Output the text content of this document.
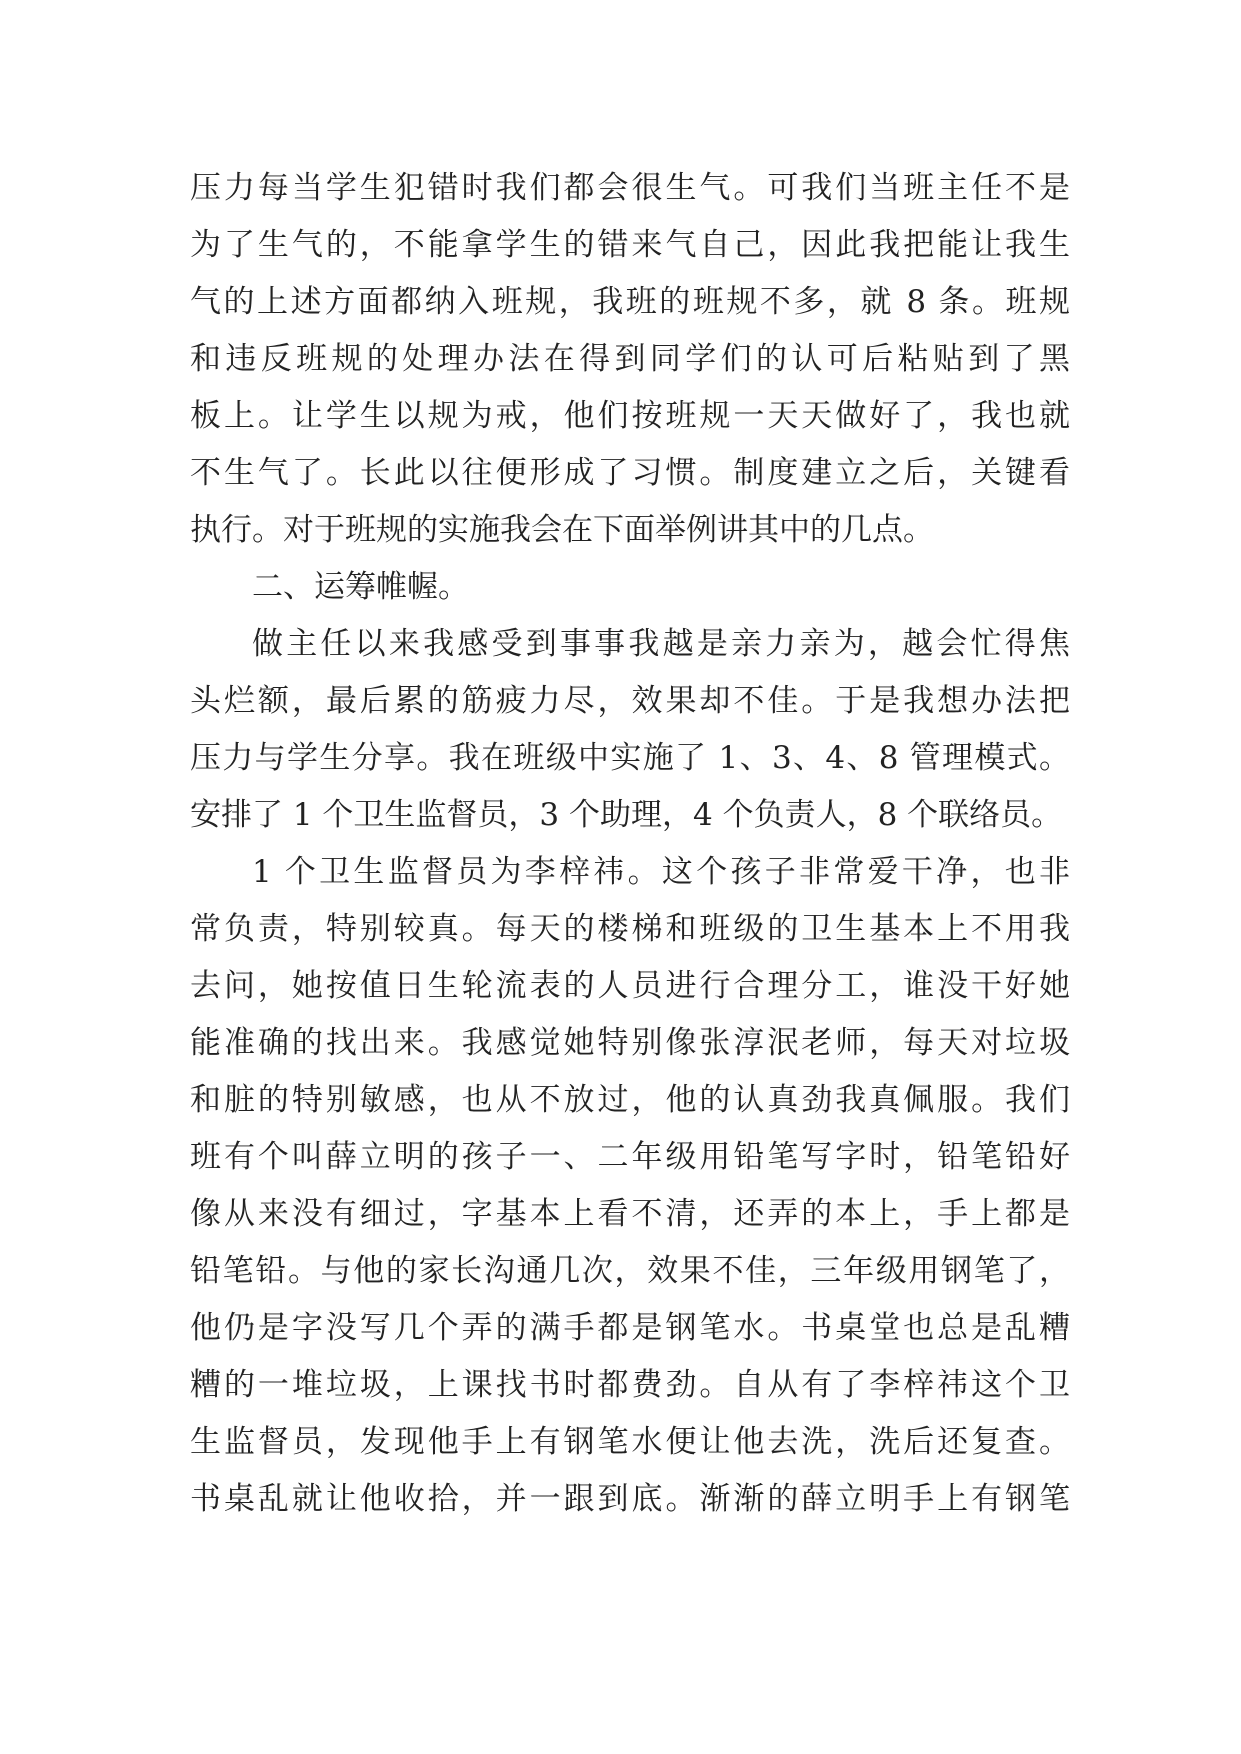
压力每当学生犯错时我们都会很生气。可我们当班主任不是
为了生气的，不能拿学生的错来气自己，因此我把能让我生
气的上述方面都纳入班规，我班的班规不多，就 8 条。班规
和违反班规的处理办法在得到同学们的认可后粘贴到了黑
板上。让学生以规为戒，他们按班规一天天做好了，我也就
不生气了。长此以往便形成了习惯。制度建立之后，关键看
执行。对于班规的实施我会在下面举例讲其中的几点。
二、运筹帷幄。
做主任以来我感受到事事我越是亲力亲为，越会忙得焦
头烂额，最后累的筋疲力尽，效果却不佳。于是我想办法把
压力与学生分享。我在班级中实施了 1、3、4、8 管理模式。
安排了 1 个卫生监督员，3 个助理，4 个负责人，8 个联络员。
1 个卫生监督员为李梓祎。这个孩子非常爱干净，也非
常负责，特别较真。每天的楼梯和班级的卫生基本上不用我
去问，她按值日生轮流表的人员进行合理分工，谁没干好她
能准确的找出来。我感觉她特别像张淳泯老师，每天对垃圾
和脏的特别敏感，也从不放过，他的认真劲我真佩服。我们
班有个叫薛立明的孩子一、二年级用铅笔写字时，铅笔铅好
像从来没有细过，字基本上看不清，还弄的本上，手上都是
铅笔铅。与他的家长沟通几次，效果不佳，三年级用钢笔了，
他仍是字没写几个弄的满手都是钢笔水。书桌堂也总是乱糟
糟的一堆垃圾，上课找书时都费劲。自从有了李梓祎这个卫
生监督员，发现他手上有钢笔水便让他去洗，洗后还复查。
书桌乱就让他收拾，并一跟到底。渐渐的薛立明手上有钢笔
